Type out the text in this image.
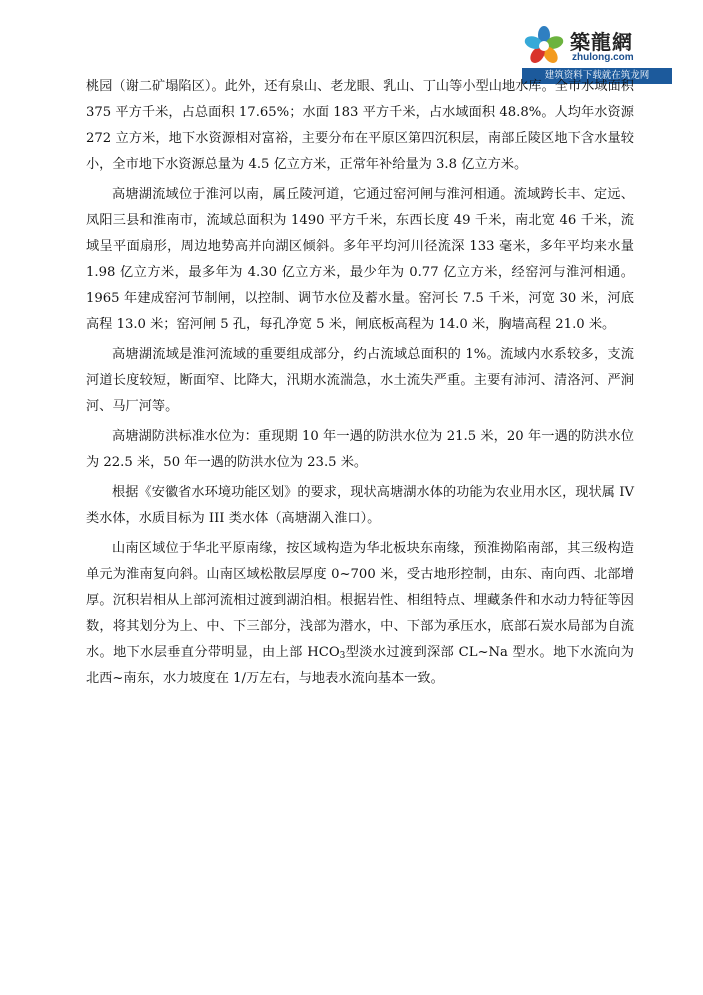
築龍網
zhulong.com
建筑资料下载就在筑龙网

桃园（谢二矿塌陷区）。此外，还有泉山、老龙眼、乳山、丁山等小型山地水库。全市水域面积 375 平方千米，占总面积 17.65%；水面 183 平方千米，占水域面积 48.8%。人均年水资源 272 立方米，地下水资源相对富裕，主要分布在平原区第四沉积层，南部丘陵区地下含水量较小，全市地下水资源总量为 4.5 亿立方米，正常年补给量为 3.8 亿立方米。

高塘湖流域位于淮河以南，属丘陵河道，它通过窑河闸与淮河相通。流域跨长丰、定远、凤阳三县和淮南市，流域总面积为 1490 平方千米，东西长度 49 千米，南北宽 46 千米，流域呈平面扇形，周边地势高并向湖区倾斜。多年平均河川径流深 133 毫米，多年平均来水量 1.98 亿立方米，最多年为 4.30 亿立方米，最少年为 0.77 亿立方米，经窑河与淮河相通。1965 年建成窑河节制闸，以控制、调节水位及蓄水量。窑河长 7.5 千米，河宽 30 米，河底高程 13.0 米；窑河闸 5 孔，每孔净宽 5 米，闸底板高程为 14.0 米，胸墙高程 21.0 米。

高塘湖流域是淮河流域的重要组成部分，约占流域总面积的 1%。流域内水系较多，支流河道长度较短，断面窄、比降大，汛期水流湍急，水土流失严重。主要有沛河、清洛河、严涧河、马厂河等。

高塘湖防洪标准水位为：重现期 10 年一遇的防洪水位为 21.5 米，20 年一遇的防洪水位为 22.5 米，50 年一遇的防洪水位为 23.5 米。

根据《安徽省水环境功能区划》的要求，现状高塘湖水体的功能为农业用水区，现状属 IV 类水体，水质目标为 III 类水体（高塘湖入淮口）。

山南区域位于华北平原南缘，按区域构造为华北板块东南缘，预淮拗陷南部，其三级构造单元为淮南复向斜。山南区域松散层厚度 0~700 米，受古地形控制，由东、南向西、北部增厚。沉积岩相从上部河流相过渡到湖泊相。根据岩性、相组特点、埋藏条件和水动力特征等因数，将其划分为上、中、下三部分，浅部为潜水，中、下部为承压水，底部石炭水局部为自流水。地下水层垂直分带明显，由上部 $HCO_3$型淡水过渡到深部 CL~Na 型水。地下水流向为北西~南东，水力坡度在 1/万左右，与地表水流向基本一致。
